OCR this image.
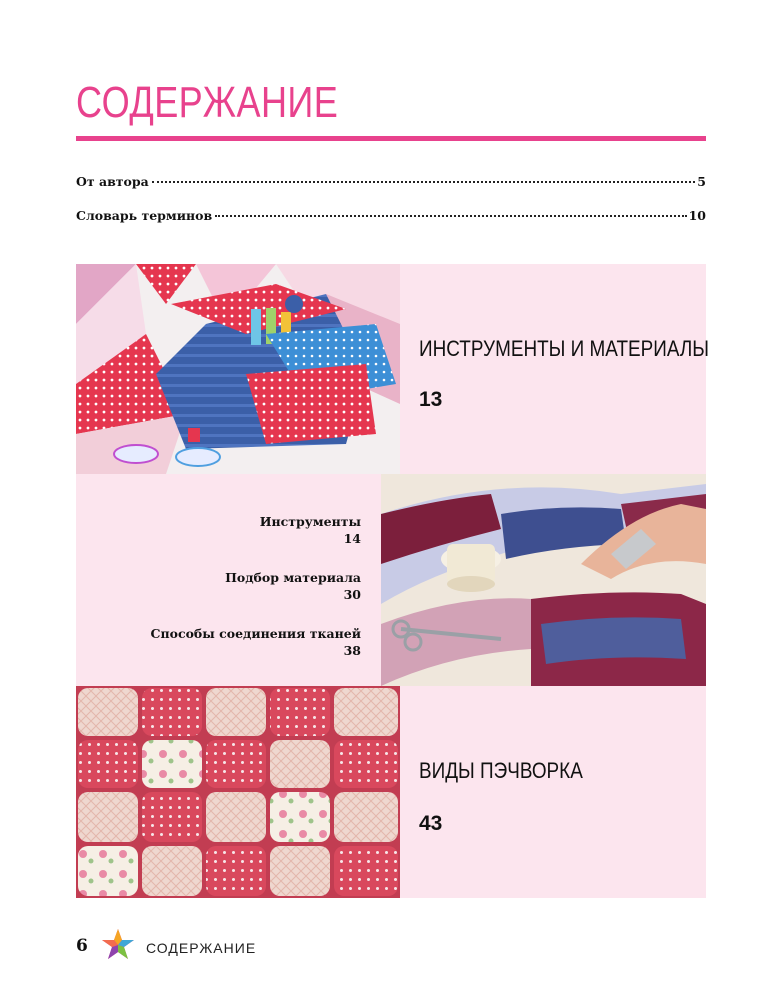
СОДЕРЖАНИЕ
От автора	5
Словарь терминов	10
ИНСТРУМЕНТЫ И МАТЕРИАЛЫ
13
Инструменты
14
Подбор материала
30
Способы соединения тканей
38
ВИДЫ ПЭЧВОРКА
43
6	СОДЕРЖАНИЕ
